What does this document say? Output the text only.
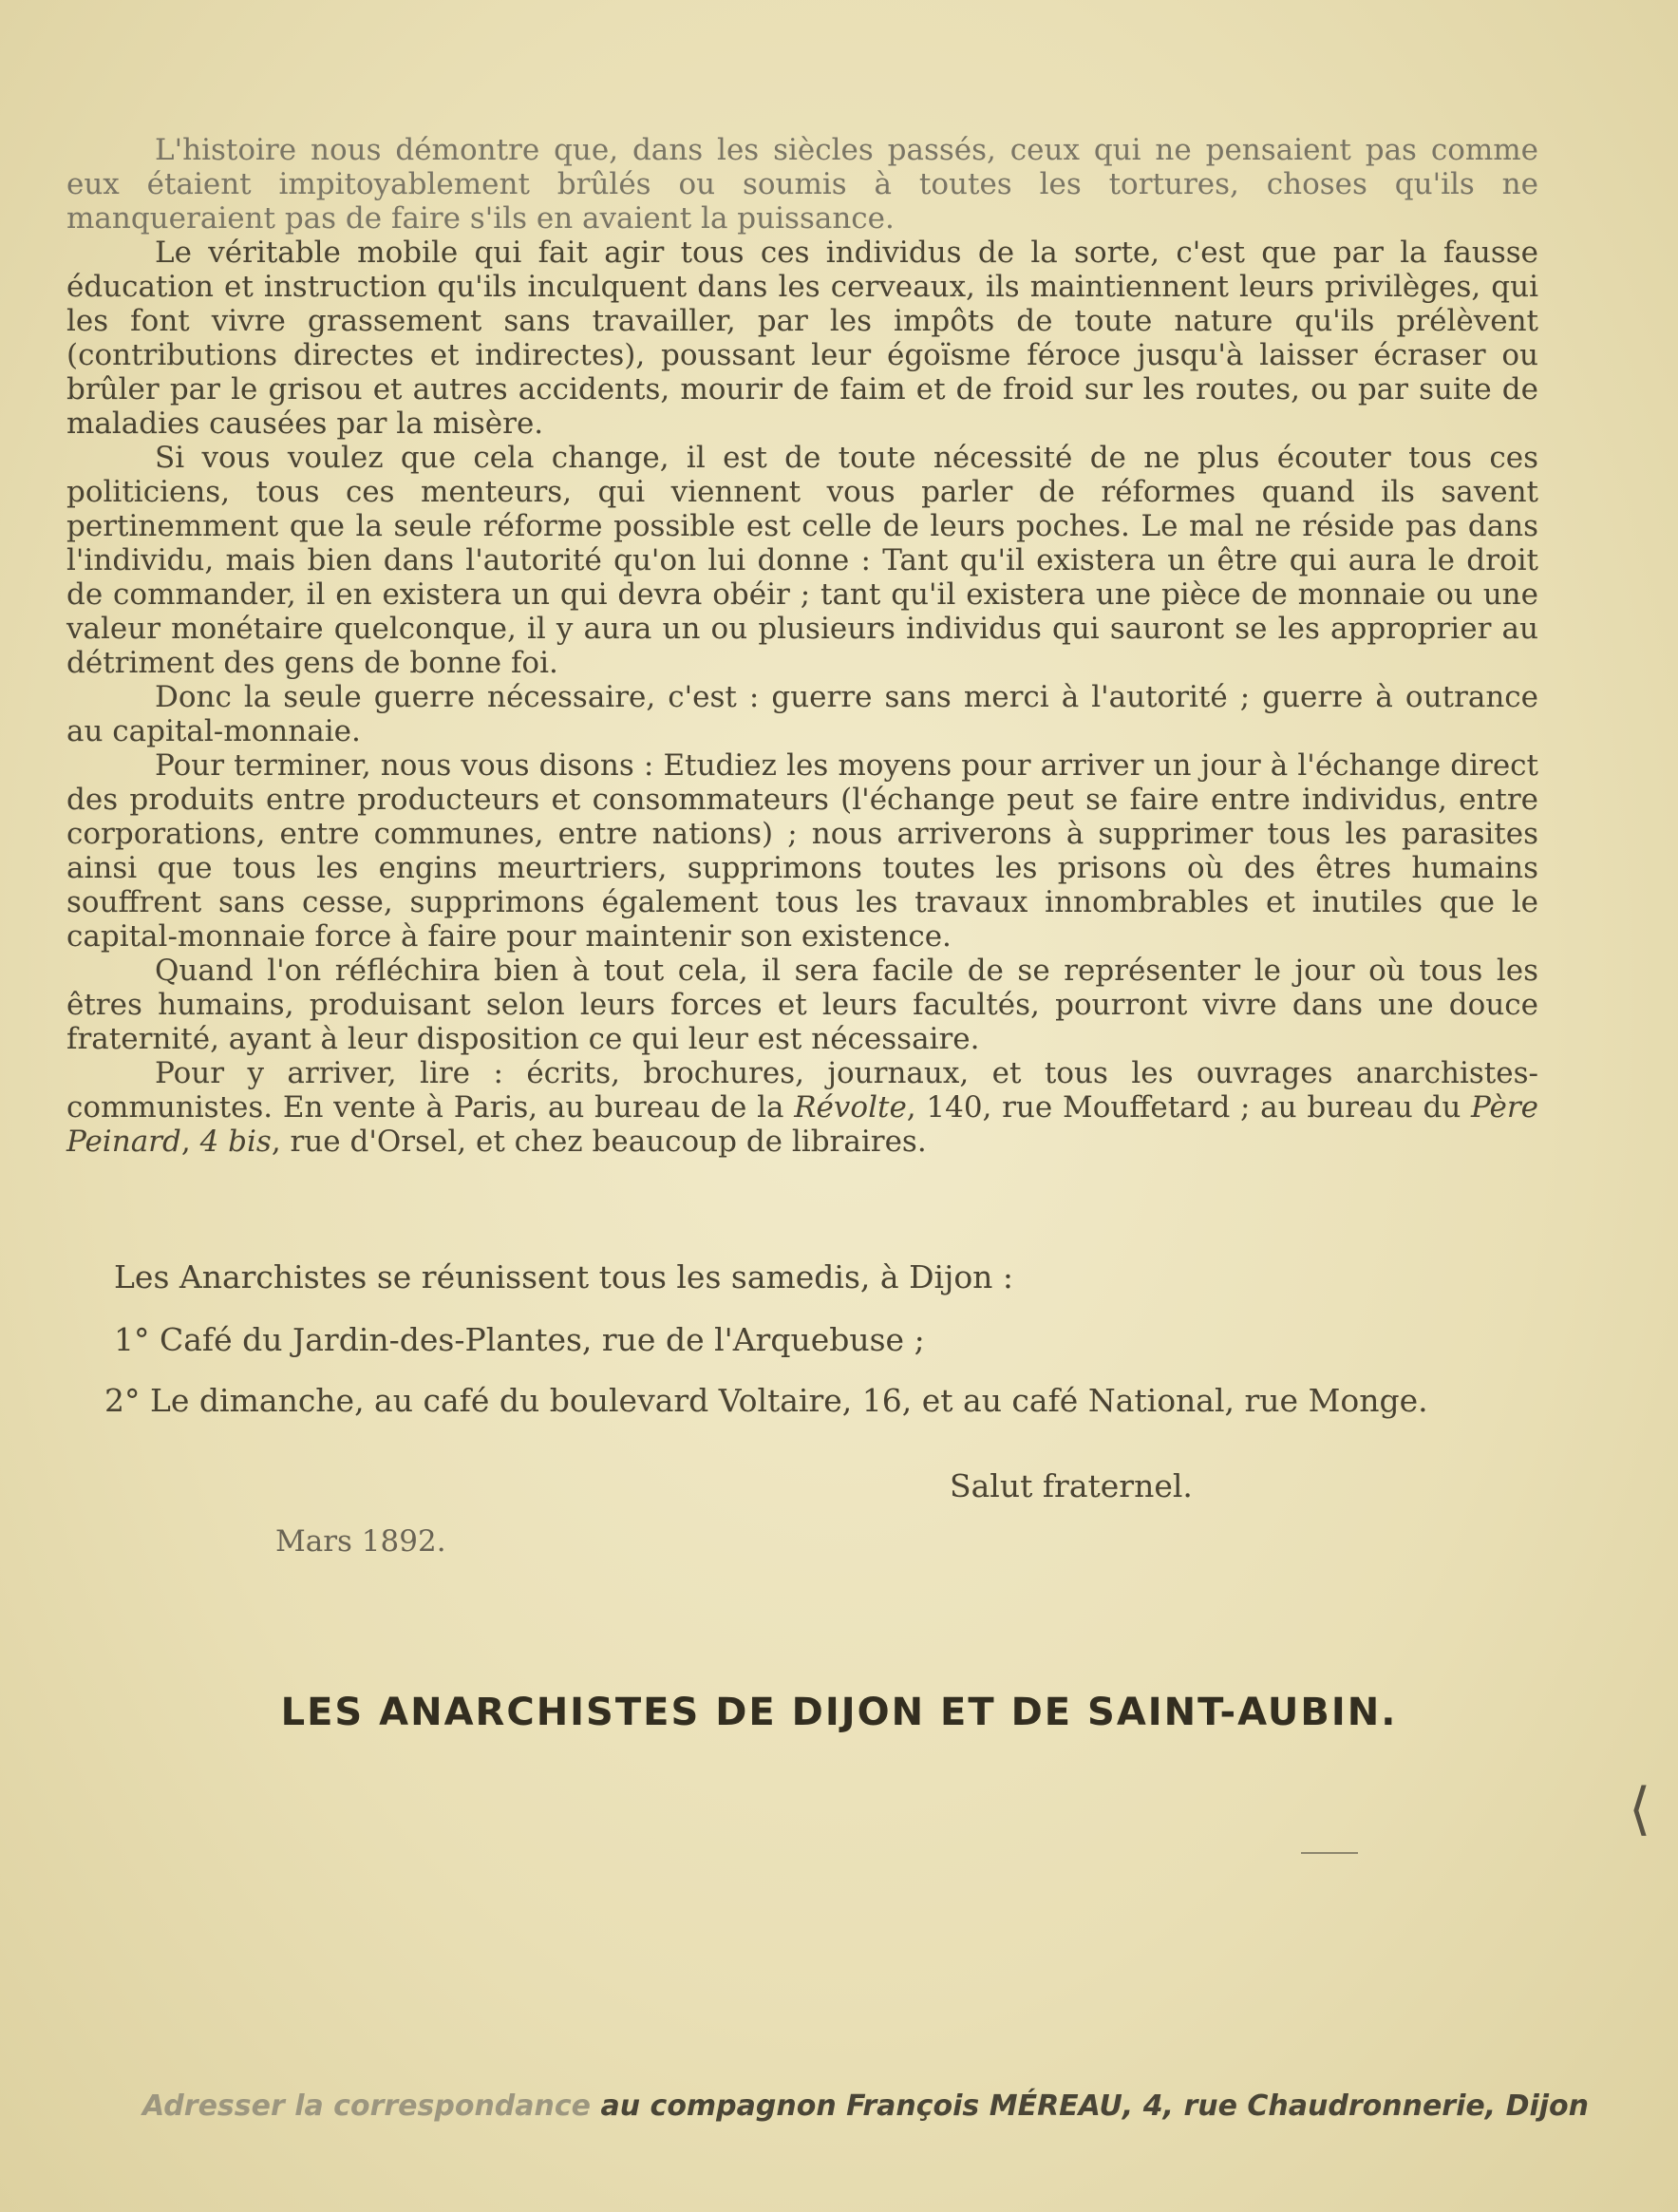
L'histoire nous démontre que, dans les siècles passés, ceux qui ne pensaient pas comme eux étaient impitoyablement brûlés ou soumis à toutes les tortures, choses qu'ils ne manqueraient pas de faire s'ils en avaient la puissance.

Le véritable mobile qui fait agir tous ces individus de la sorte, c'est que par la fausse éducation et instruction qu'ils inculquent dans les cerveaux, ils maintiennent leurs privilèges, qui les font vivre grassement sans travailler, par les impôts de toute nature qu'ils prélèvent (contributions directes et indirectes), poussant leur égoïsme féroce jusqu'à laisser écraser ou brûler par le grisou et autres accidents, mourir de faim et de froid sur les routes, ou par suite de maladies causées par la misère.

Si vous voulez que cela change, il est de toute nécessité de ne plus écouter tous ces politiciens, tous ces menteurs, qui viennent vous parler de réformes quand ils savent pertinemment que la seule réforme possible est celle de leurs poches. Le mal ne réside pas dans l'individu, mais bien dans l'autorité qu'on lui donne : Tant qu'il existera un être qui aura le droit de commander, il en existera un qui devra obéir ; tant qu'il existera une pièce de monnaie ou une valeur monétaire quelconque, il y aura un ou plusieurs individus qui sauront se les approprier au détriment des gens de bonne foi.

Donc la seule guerre nécessaire, c'est : guerre sans merci à l'autorité ; guerre à outrance au capital-monnaie.

Pour terminer, nous vous disons : Etudiez les moyens pour arriver un jour à l'échange direct des produits entre producteurs et consommateurs (l'échange peut se faire entre individus, entre corporations, entre communes, entre nations) ; nous arriverons à supprimer tous les parasites ainsi que tous les engins meurtriers, supprimons toutes les prisons où des êtres humains souffrent sans cesse, supprimons également tous les travaux innombrables et inutiles que le capital-monnaie force à faire pour maintenir son existence.

Quand l'on réfléchira bien à tout cela, il sera facile de se représenter le jour où tous les êtres humains, produisant selon leurs forces et leurs facultés, pourront vivre dans une douce fraternité, ayant à leur disposition ce qui leur est nécessaire.

Pour y arriver, lire : écrits, brochures, journaux, et tous les ouvrages anarchistes-communistes. En vente à Paris, au bureau de la Révolte, 140, rue Mouffetard ; au bureau du Père Peinard, 4 bis, rue d'Orsel, et chez beaucoup de libraires.

Les Anarchistes se réunissent tous les samedis, à Dijon :

1° Café du Jardin-des-Plantes, rue de l'Arquebuse ;

2° Le dimanche, au café du boulevard Voltaire, 16, et au café National, rue Monge.

Salut fraternel.
Mars 1892.
LES ANARCHISTES DE DIJON ET DE SAINT-AUBIN.
⟨
Adresser la correspondance au compagnon François MÉREAU, 4, rue Chaudronnerie, Dijon
